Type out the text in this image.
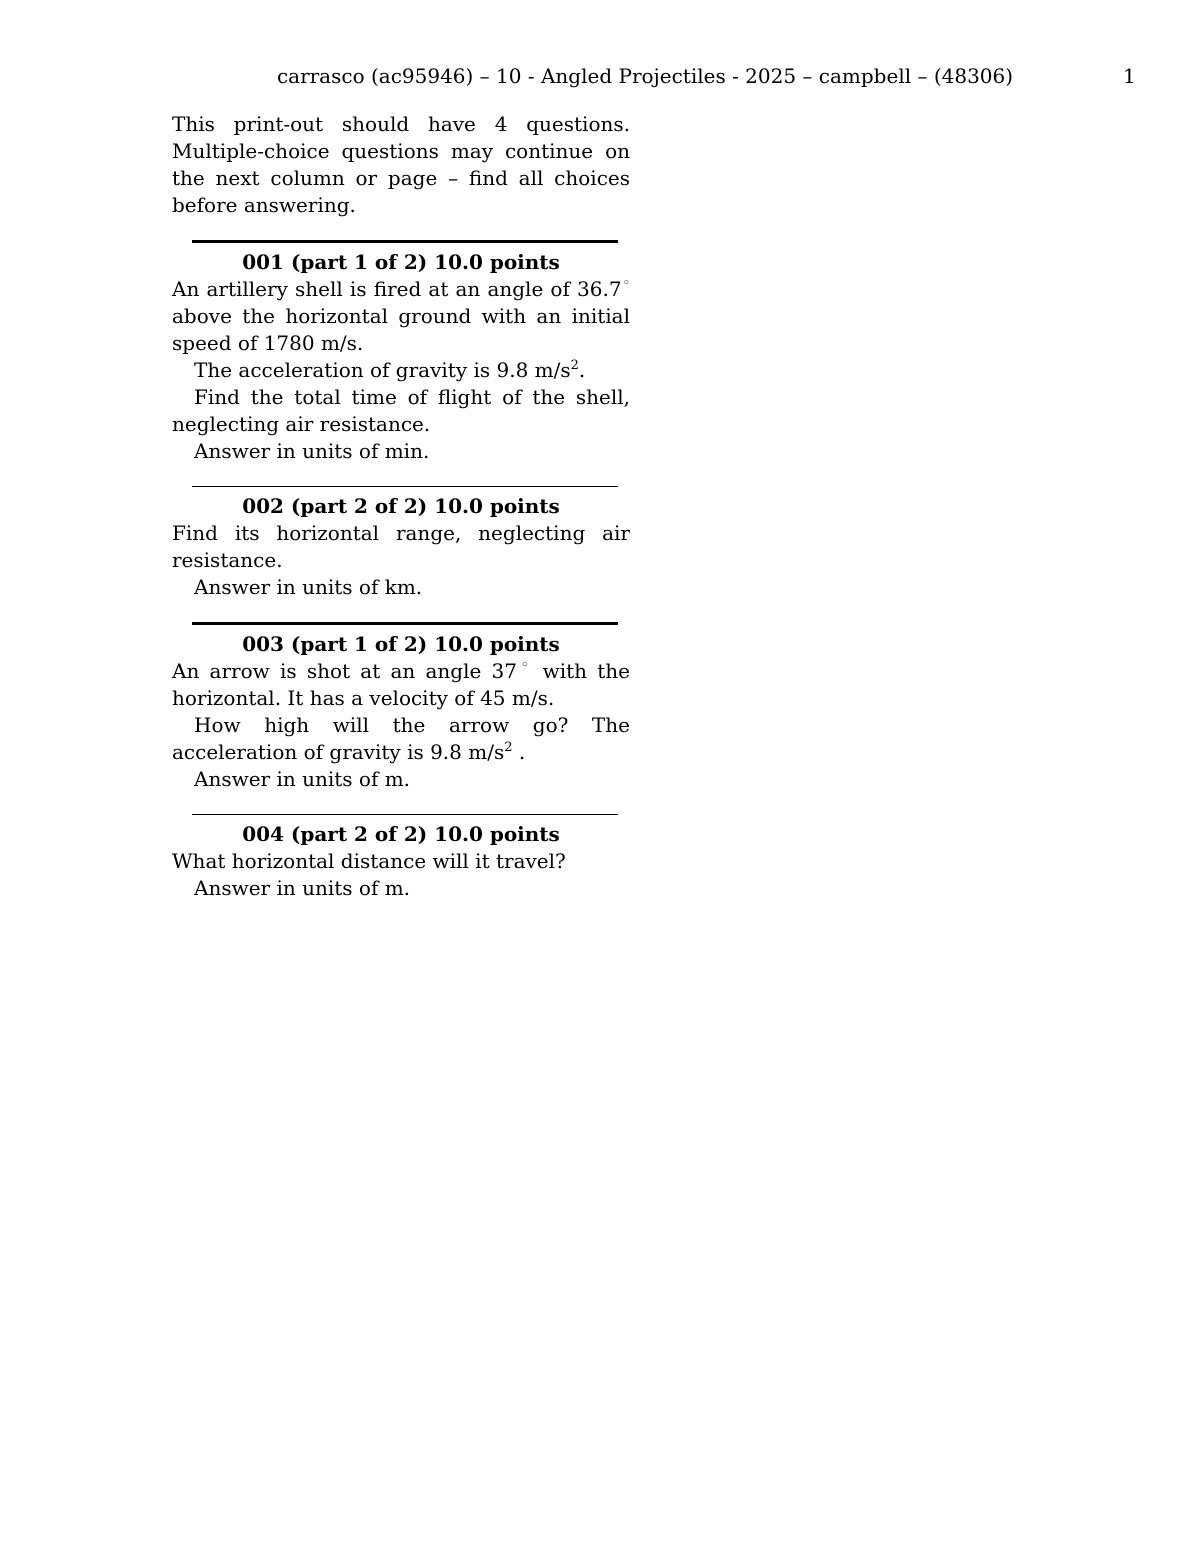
carrasco (ac95946) – 10 - Angled Projectiles - 2025 – campbell – (48306)	1

This print-out should have 4 questions. Multiple-choice questions may continue on the next column or page – find all choices before answering.

001 (part 1 of 2) 10.0 points

An artillery shell is fired at an angle of 36.7◦ above the horizontal ground with an initial speed of 1780 m/s.

The acceleration of gravity is 9.8 $m/s^2$.

Find the total time of flight of the shell, neglecting air resistance.

Answer in units of min.

002 (part 2 of 2) 10.0 points

Find its horizontal range, neglecting air resistance.

Answer in units of km.

003 (part 1 of 2) 10.0 points

An arrow is shot at an angle 37◦ with the horizontal. It has a velocity of 45 m/s.

How high will the arrow go? The acceleration of gravity is 9.8 $m/s^2$ .

Answer in units of m.

004 (part 2 of 2) 10.0 points

What horizontal distance will it travel?

Answer in units of m.
